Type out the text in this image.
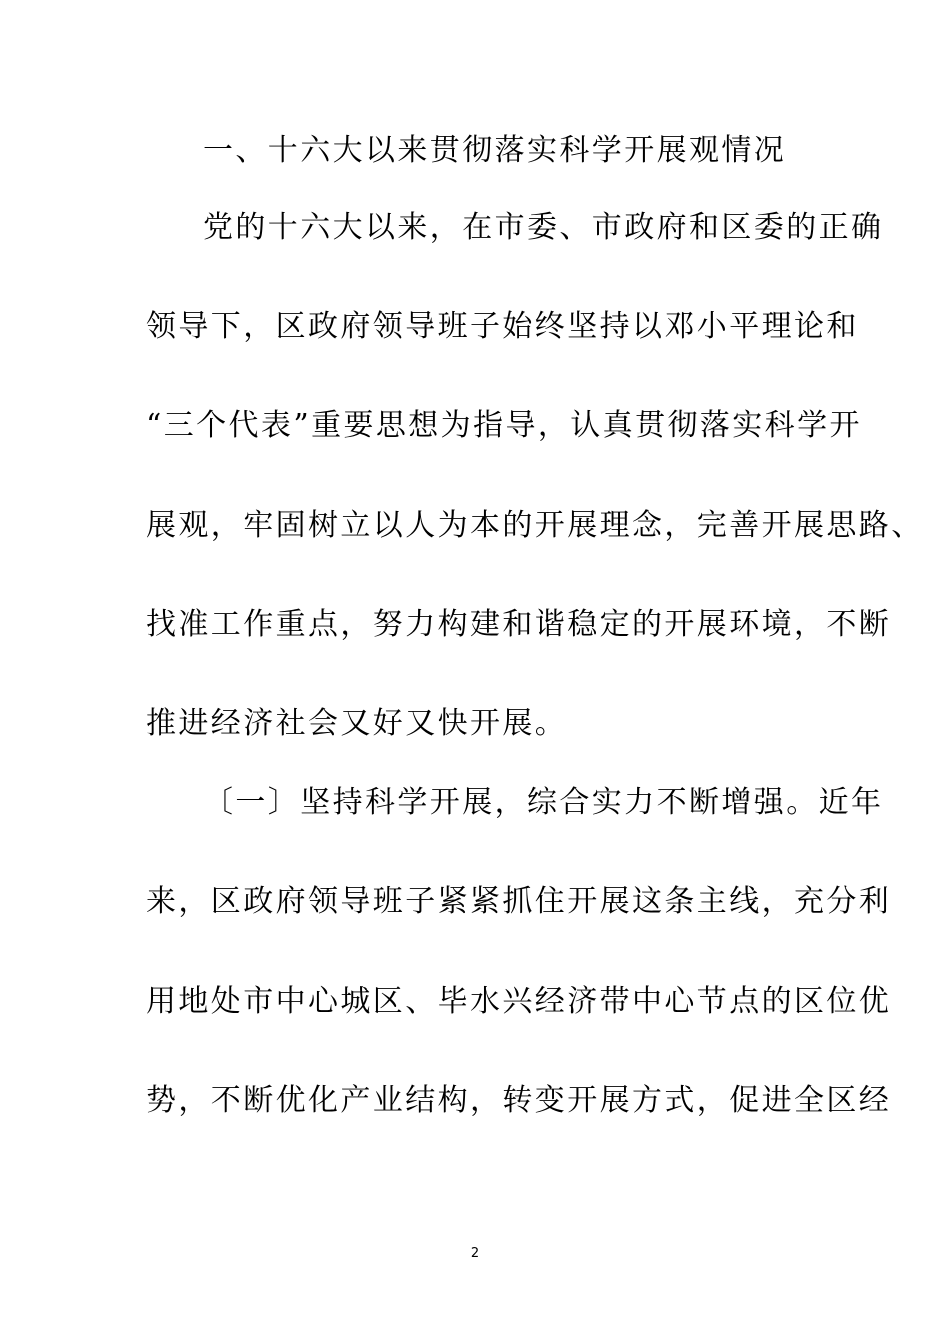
一、十六大以来贯彻落实科学开展观情况
党的十六大以来，在市委、市政府和区委的正确
领导下，区政府领导班子始终坚持以邓小平理论和
“三个代表”重要思想为指导，认真贯彻落实科学开
展观，牢固树立以人为本的开展理念，完善开展思路、
找准工作重点，努力构建和谐稳定的开展环境，不断
推进经济社会又好又快开展。
〔一〕坚持科学开展，综合实力不断增强。近年
来，区政府领导班子紧紧抓住开展这条主线，充分利
用地处市中心城区、毕水兴经济带中心节点的区位优
势，不断优化产业结构，转变开展方式，促进全区经
2
